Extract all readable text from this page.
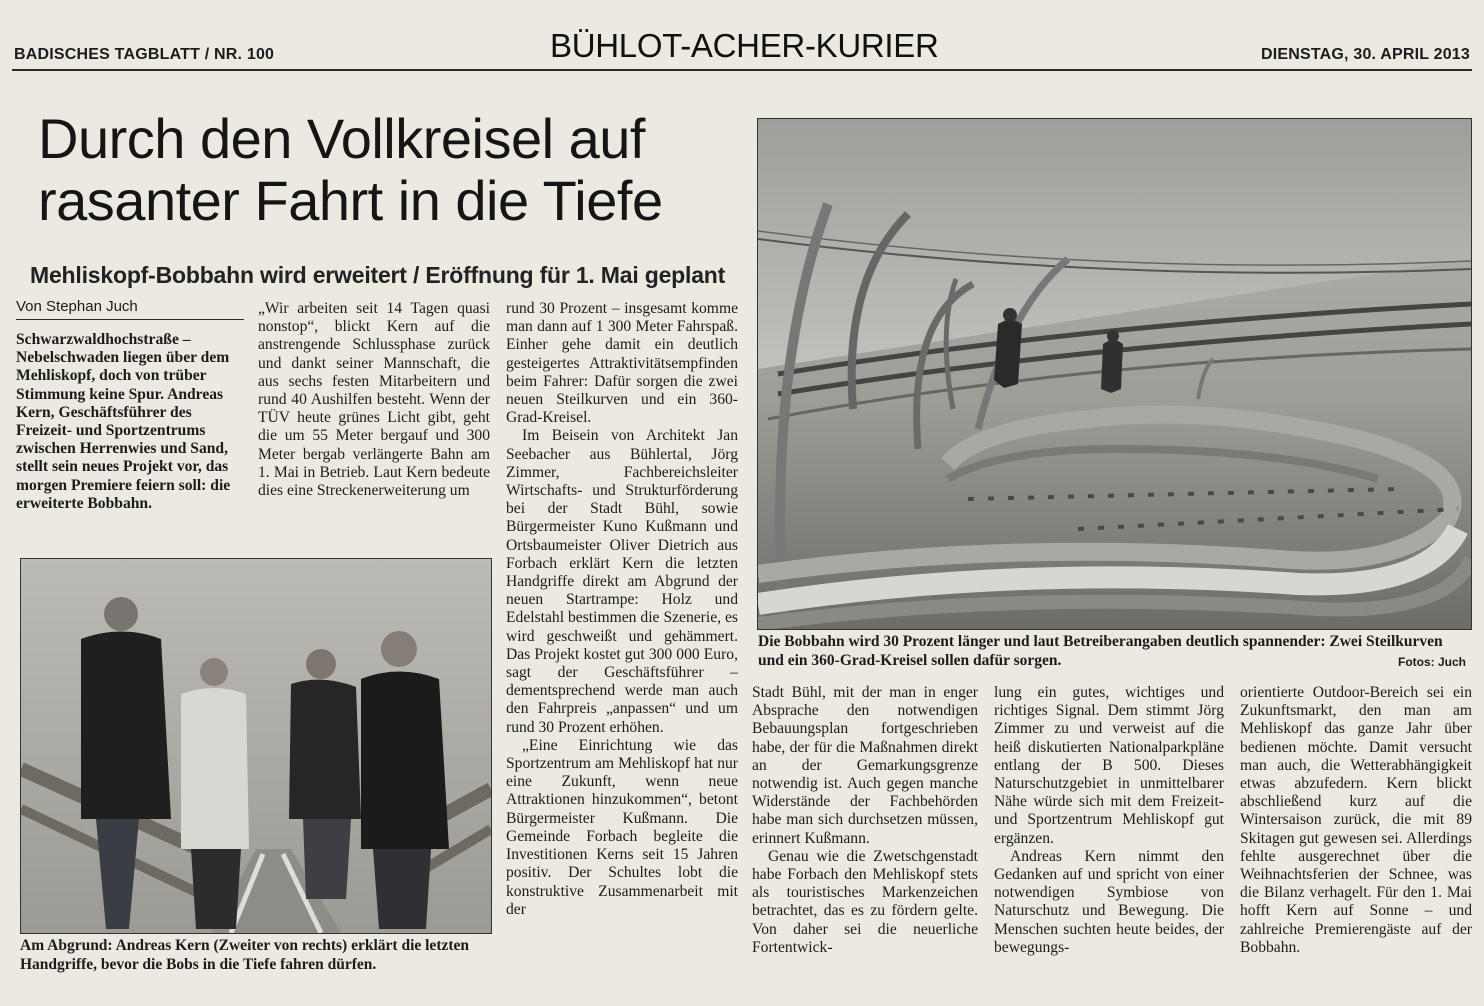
BADISCHES TAGBLATT / NR. 100	BÜHLOT-ACHER-KURIER	DIENSTAG, 30. APRIL 2013
Durch den Vollkreisel auf
rasanter Fahrt in die Tiefe
Mehliskopf-Bobbahn wird erweitert / Eröffnung für 1. Mai geplant
Von Stephan Juch
Schwarzwaldhochstraße – Nebelschwaden liegen über dem Mehliskopf, doch von trüber Stimmung keine Spur. Andreas Kern, Geschäftsführer des Freizeit- und Sportzentrums zwischen Herrenwies und Sand, stellt sein neues Projekt vor, das morgen Premiere feiern soll: die erweiterte Bobbahn.

„Wir arbeiten seit 14 Tagen quasi nonstop“, blickt Kern auf die anstrengende Schlussphase zurück und dankt seiner Mannschaft, die aus sechs festen Mitarbeitern und rund 40 Aushilfen besteht. Wenn der TÜV heute grünes Licht gibt, geht die um 55 Meter bergauf und 300 Meter bergab verlängerte Bahn am 1. Mai in Betrieb. Laut Kern bedeute dies eine Streckenerweiterung um

rund 30 Prozent – insgesamt komme man dann auf 1 300 Meter Fahrspaß. Einher gehe damit ein deutlich gesteigertes Attraktivitätsempfinden beim Fahrer: Dafür sorgen die zwei neuen Steilkurven und ein 360-Grad-Kreisel.

Im Beisein von Architekt Jan Seebacher aus Bühlertal, Jörg Zimmer, Fachbereichsleiter Wirtschafts- und Strukturförderung bei der Stadt Bühl, sowie Bürgermeister Kuno Kußmann und Ortsbaumeister Oliver Dietrich aus Forbach erklärt Kern die letzten Handgriffe direkt am Abgrund der neuen Startrampe: Holz und Edelstahl bestimmen die Szenerie, es wird geschweißt und gehämmert. Das Projekt kostet gut 300 000 Euro, sagt der Geschäftsführer – dementsprechend werde man auch den Fahrpreis „anpassen“ und um rund 30 Prozent erhöhen.

„Eine Einrichtung wie das Sportzentrum am Mehliskopf hat nur eine Zukunft, wenn neue Attraktionen hinzukommen“, betont Bürgermeister Kußmann. Die Gemeinde Forbach begleite die Investitionen Kerns seit 15 Jahren positiv. Der Schultes lobt die konstruktive Zusammenarbeit mit der

Stadt Bühl, mit der man in enger Absprache den notwendigen Bebauungsplan fortgeschrieben habe, der für die Maßnahmen direkt an der Gemarkungsgrenze notwendig ist. Auch gegen manche Widerstände der Fachbehörden habe man sich durchsetzen müssen, erinnert Kußmann.

Genau wie die Zwetschgenstadt habe Forbach den Mehliskopf stets als touristisches Markenzeichen betrachtet, das es zu fördern gelte. Von daher sei die neuerliche Fortentwick-

lung ein gutes, wichtiges und richtiges Signal. Dem stimmt Jörg Zimmer zu und verweist auf die heiß diskutierten Nationalparkpläne entlang der B 500. Dieses Naturschutzgebiet in unmittelbarer Nähe würde sich mit dem Freizeit- und Sportzentrum Mehliskopf gut ergänzen.

Andreas Kern nimmt den Gedanken auf und spricht von einer notwendigen Symbiose von Naturschutz und Bewegung. Die Menschen suchten heute beides, der bewegungs-

orientierte Outdoor-Bereich sei ein Zukunftsmarkt, den man am Mehliskopf das ganze Jahr über bedienen möchte. Damit versucht man auch, die Wetterabhängigkeit etwas abzufedern. Kern blickt abschließend kurz auf die Wintersaison zurück, die mit 89 Skitagen gut gewesen sei. Allerdings fehlte ausgerechnet über die Weihnachtsferien der Schnee, was die Bilanz verhagelt. Für den 1. Mai hofft Kern auf Sonne – und zahlreiche Premierengäste auf der Bobbahn.

Die Bobbahn wird 30 Prozent länger und laut Betreiberangaben deutlich spannender: Zwei Steilkurven und ein 360-Grad-Kreisel sollen dafür sorgen.	Fotos: Juch
Am Abgrund: Andreas Kern (Zweiter von rechts) erklärt die letzten Handgriffe, bevor die Bobs in die Tiefe fahren dürfen.
